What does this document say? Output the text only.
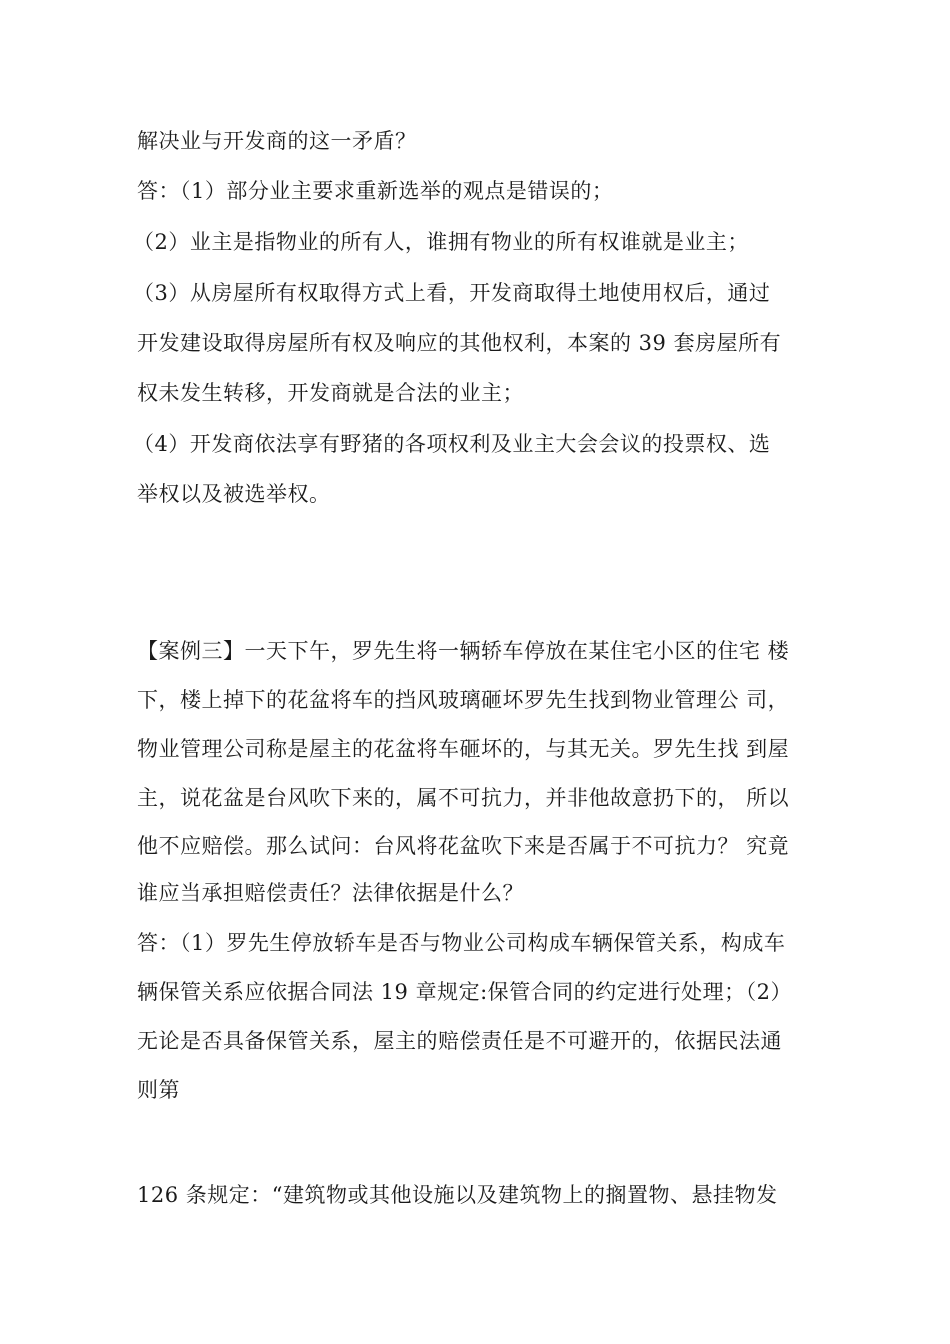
解决业与开发商的这一矛盾？
答：（1）部分业主要求重新选举的观点是错误的；
（2）业主是指物业的所有人，谁拥有物业的所有权谁就是业主；
（3）从房屋所有权取得方式上看，开发商取得土地使用权后，通过
开发建设取得房屋所有权及响应的其他权利，本案的 39 套房屋所有
权未发生转移，开发商就是合法的业主；
（4）开发商依法享有野猪的各项权利及业主大会会议的投票权、选
举权以及被选举权。
【案例三】一天下午，罗先生将一辆轿车停放在某住宅小区的住宅 楼
下，楼上掉下的花盆将车的挡风玻璃砸坏罗先生找到物业管理公 司，
物业管理公司称是屋主的花盆将车砸坏的，与其无关。罗先生找 到屋
主，说花盆是台风吹下来的，属不可抗力，并非他故意扔下的， 所以
他不应赔偿。那么试问：台风将花盆吹下来是否属于不可抗力？ 究竟
谁应当承担赔偿责任？法律依据是什么？
答：（1）罗先生停放轿车是否与物业公司构成车辆保管关系，构成车
辆保管关系应依据合同法 19 章规定:保管合同的约定进行处理；（2）
无论是否具备保管关系，屋主的赔偿责任是不可避开的，依据民法通
则第
126 条规定：“建筑物或其他设施以及建筑物上的搁置物、悬挂物发
